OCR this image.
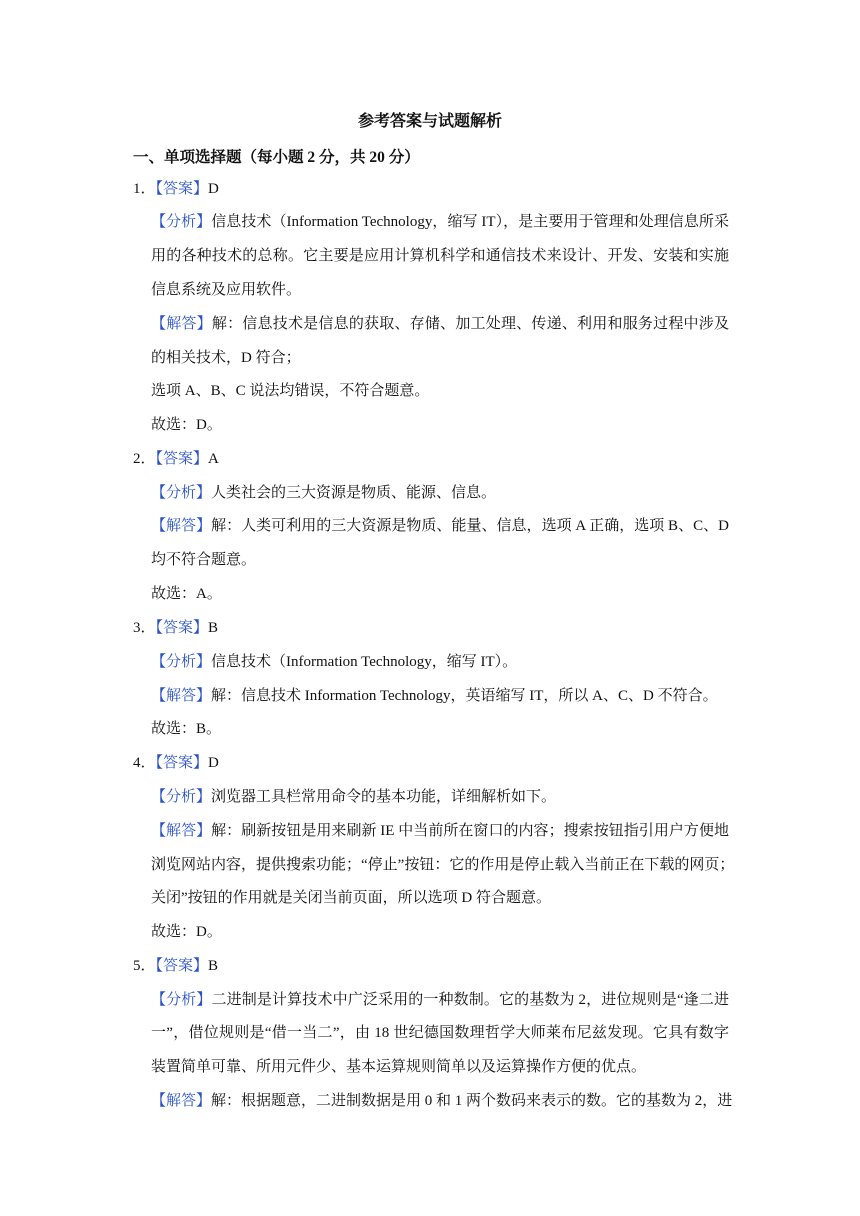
参考答案与试题解析
一、单项选择题（每小题 2 分，共 20 分）
1．【答案】D
【分析】信息技术（Information Technology，缩写 IT），是主要用于管理和处理信息所采
用的各种技术的总称。它主要是应用计算机科学和通信技术来设计、开发、安装和实施
信息系统及应用软件。
【解答】解：信息技术是信息的获取、存储、加工处理、传递、利用和服务过程中涉及
的相关技术，D 符合；
选项 A、B、C 说法均错误，不符合题意。
故选：D。
2．【答案】A
【分析】人类社会的三大资源是物质、能源、信息。
【解答】解：人类可利用的三大资源是物质、能量、信息，选项 A 正确，选项 B、C、D
均不符合题意。
故选：A。
3．【答案】B
【分析】信息技术（Information Technology，缩写 IT）。
【解答】解：信息技术 Information Technology，英语缩写 IT，所以 A、C、D 不符合。
故选：B。
4．【答案】D
【分析】浏览器工具栏常用命令的基本功能，详细解析如下。
【解答】解：刷新按钮是用来刷新 IE 中当前所在窗口的内容；搜索按钮指引用户方便地
浏览网站内容，提供搜索功能；“停止”按钮：它的作用是停止载入当前正在下载的网页；
关闭”按钮的作用就是关闭当前页面，所以选项 D 符合题意。
故选：D。
5．【答案】B
【分析】二进制是计算技术中广泛采用的一种数制。它的基数为 2，进位规则是“逢二进
一”，借位规则是“借一当二”，由 18 世纪德国数理哲学大师莱布尼兹发现。它具有数字
装置简单可靠、所用元件少、基本运算规则简单以及运算操作方便的优点。
【解答】解：根据题意，二进制数据是用 0 和 1 两个数码来表示的数。它的基数为 2，进
